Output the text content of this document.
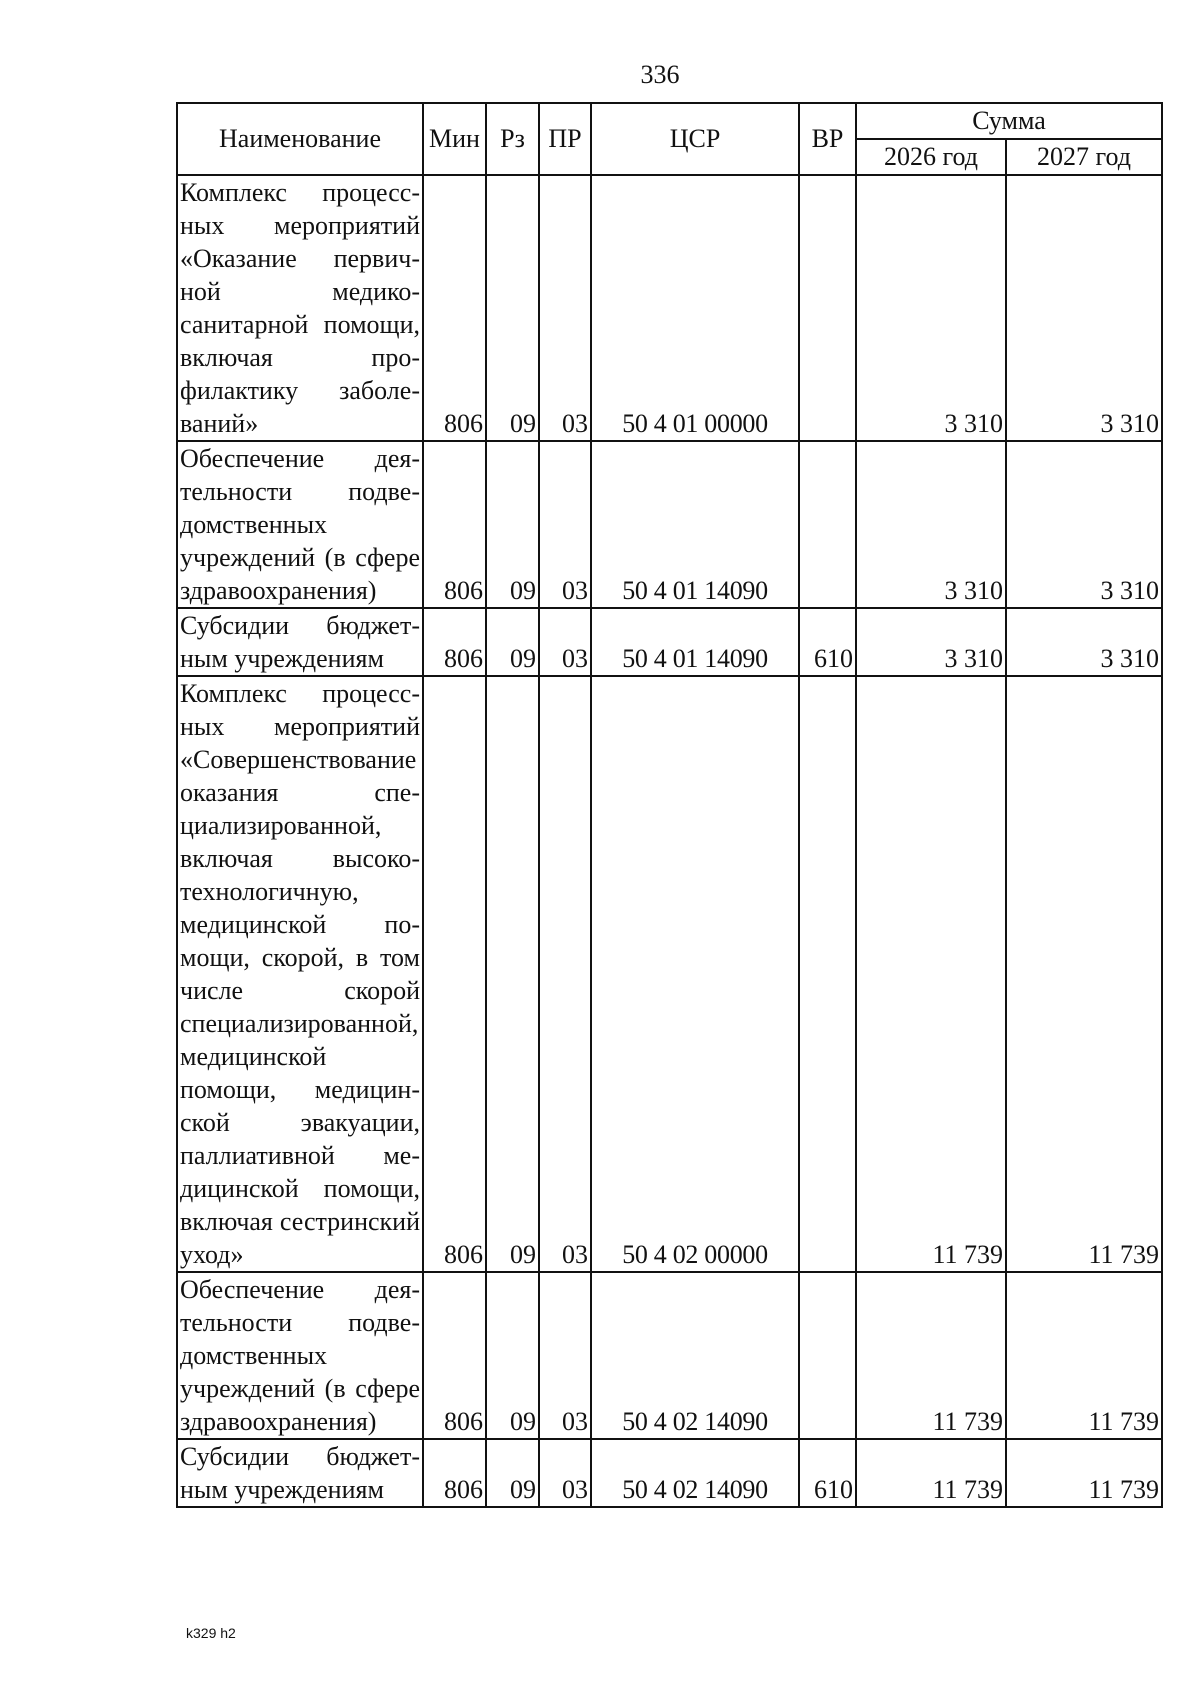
336
Наименование	Мин	Рз	ПР	ЦСР	ВР	Сумма	
						2026 год	2027 год
Комплекс процессных мероприятий «Оказание первичной медико-санитарной помощи, включая профилактику заболеваний»	806	09	03	50 4 01 00000		3 310	3 310
Обеспечение деятельности подведомственных учреждений (в сфере здравоохранения)	806	09	03	50 4 01 14090		3 310	3 310
Субсидии бюджетным учреждениям	806	09	03	50 4 01 14090	610	3 310	3 310
Комплекс процессных мероприятий «Совершенствование оказания специализированной, включая высокотехнологичную, медицинской помощи, скорой, в том числе скорой специализированной, медицинской помощи, медицинской эвакуации, паллиативной медицинской помощи, включая сестринский уход»	806	09	03	50 4 02 00000		11 739	11 739
Обеспечение деятельности подведомственных учреждений (в сфере здравоохранения)	806	09	03	50 4 02 14090		11 739	11 739
Субсидии бюджетным учреждениям	806	09	03	50 4 02 14090	610	11 739	11 739
k329 h2
